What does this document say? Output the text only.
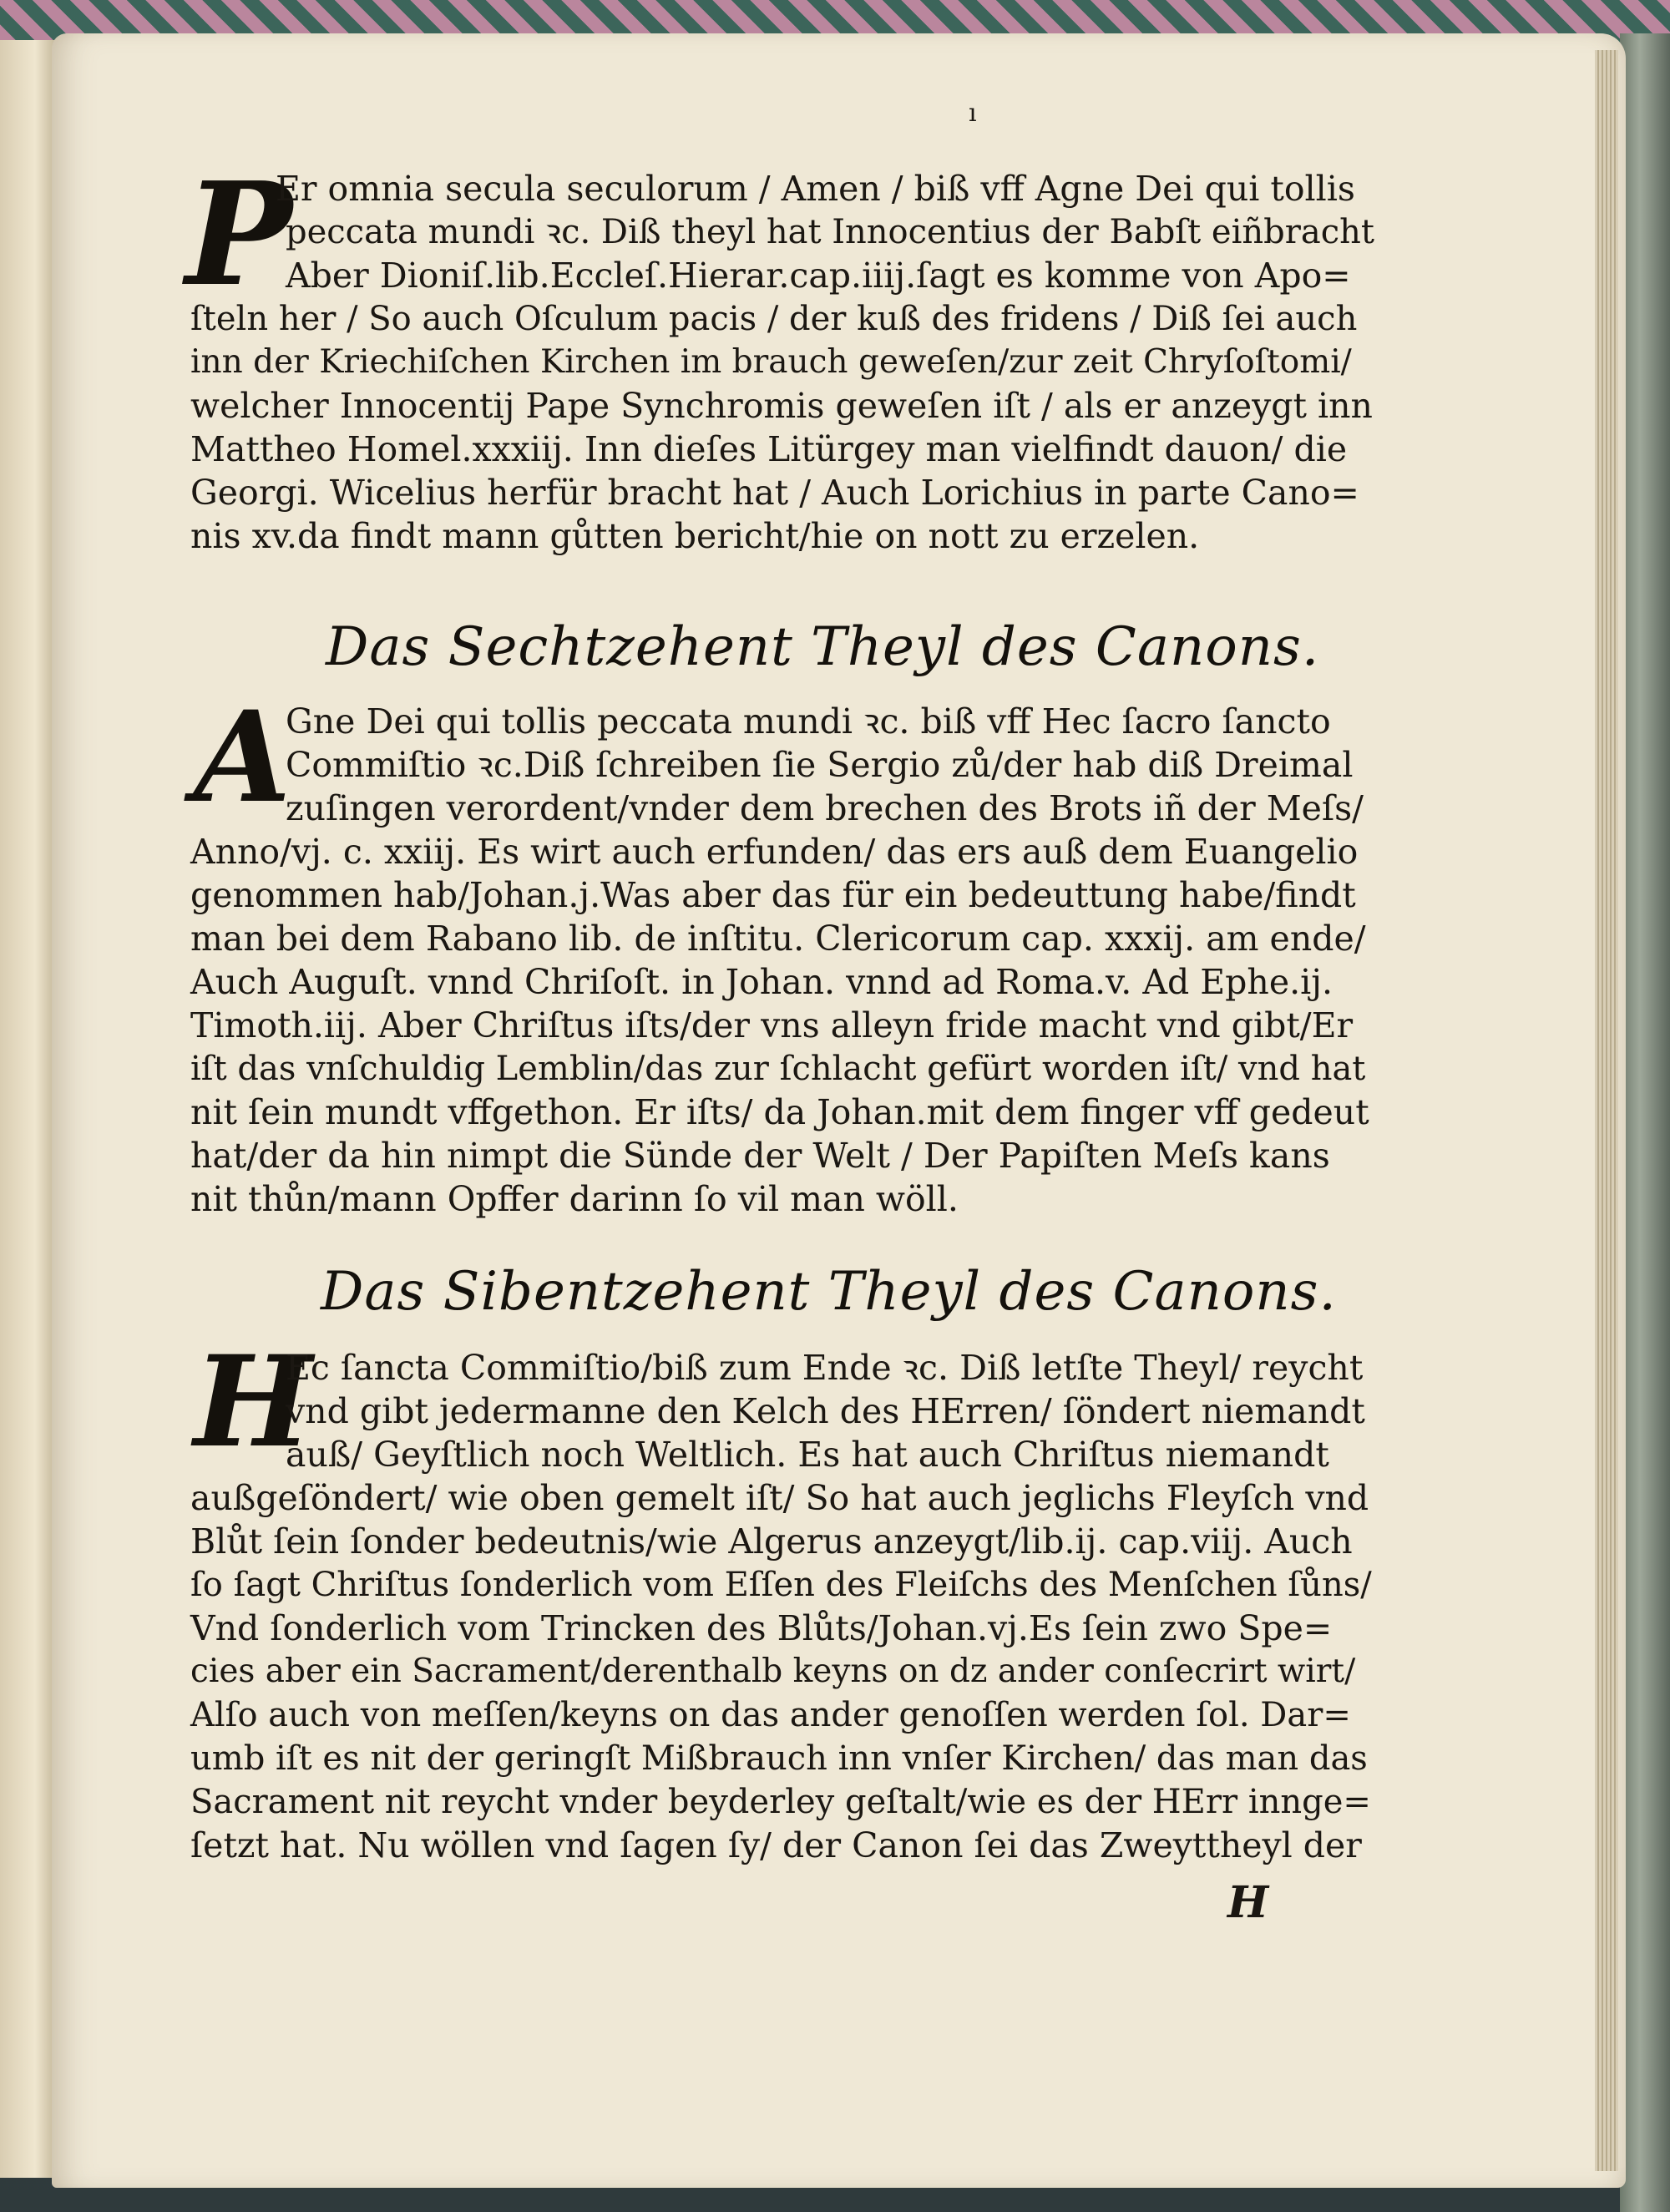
ı
P
Er omnia secula seculorum / Amen / biß vff Agne Dei qui tollis
peccata mundi ꝛc. Diß theyl hat Innocentius der Babſt eiñbracht
Aber Dioniſ.lib.Eccleſ.Hierar.cap.iiij.ſagt es komme von Apo=
ſteln her / So auch Oſculum pacis / der kuß des fridens / Diß ſei auch
inn der Kriechiſchen Kirchen im brauch geweſen/zur zeit Chryſoſtomi/
welcher Innocentij Pape Synchromis geweſen iſt / als er anzeygt inn
Mattheo Homel.xxxiij. Inn dieſes Litürgey man vielfindt dauon/ die
Georgi. Wicelius herfür bracht hat / Auch Lorichius in parte Cano=
nis xv.da findt mann gůtten bericht/hie on nott zu erzelen.
Das Sechtzehent Theyl des Canons.
A
Gne Dei qui tollis peccata mundi ꝛc. biß vff Hec ſacro ſancto
Commiſtio ꝛc.Diß ſchreiben ſie Sergio zů/der hab diß Dreimal
zuſingen verordent/vnder dem brechen des Brots iñ der Meſs/
Anno/vj. c. xxiij. Es wirt auch erfunden/ das ers auß dem Euangelio
genommen hab/Johan.j.Was aber das für ein bedeuttung habe/findt
man bei dem Rabano lib. de inſtitu. Clericorum cap. xxxij. am ende/
Auch Auguſt. vnnd Chriſoſt. in Johan. vnnd ad Roma.v. Ad Ephe.ij.
Timoth.iij. Aber Chriſtus iſts/der vns alleyn fride macht vnd gibt/Er
iſt das vnſchuldig Lemblin/das zur ſchlacht gefürt worden iſt/ vnd hat
nit ſein mundt vffgethon. Er iſts/ da Johan.mit dem finger vff gedeut
hat/der da hin nimpt die Sünde der Welt / Der Papiſten Meſs kans
nit thůn/mann Opffer darinn ſo vil man wöll.
Das Sibentzehent Theyl des Canons.
H
Ec ſancta Commiſtio/biß zum Ende ꝛc. Diß letſte Theyl/ reycht
vnd gibt jedermanne den Kelch des HErren/ ſöndert niemandt
auß/ Geyſtlich noch Weltlich. Es hat auch Chriſtus niemandt
außgeſöndert/ wie oben gemelt iſt/ So hat auch jeglichs Fleyſch vnd
Blůt ſein ſonder bedeutnis/wie Algerus anzeygt/lib.ij. cap.viij. Auch
ſo ſagt Chriſtus ſonderlich vom Eſſen des Fleiſchs des Menſchen ſůns/
Vnd ſonderlich vom Trincken des Blůts/Johan.vj.Es ſein zwo Spe=
cies aber ein Sacrament/derenthalb keyns on dz ander conſecrirt wirt/
Alſo auch von meſſen/keyns on das ander genoſſen werden ſol. Dar=
umb iſt es nit der geringſt Mißbrauch inn vnſer Kirchen/ das man das
Sacrament nit reycht vnder beyderley geſtalt/wie es der HErr innge=
ſetzt hat. Nu wöllen vnd ſagen ſy/ der Canon ſei das Zweyttheyl der
H
